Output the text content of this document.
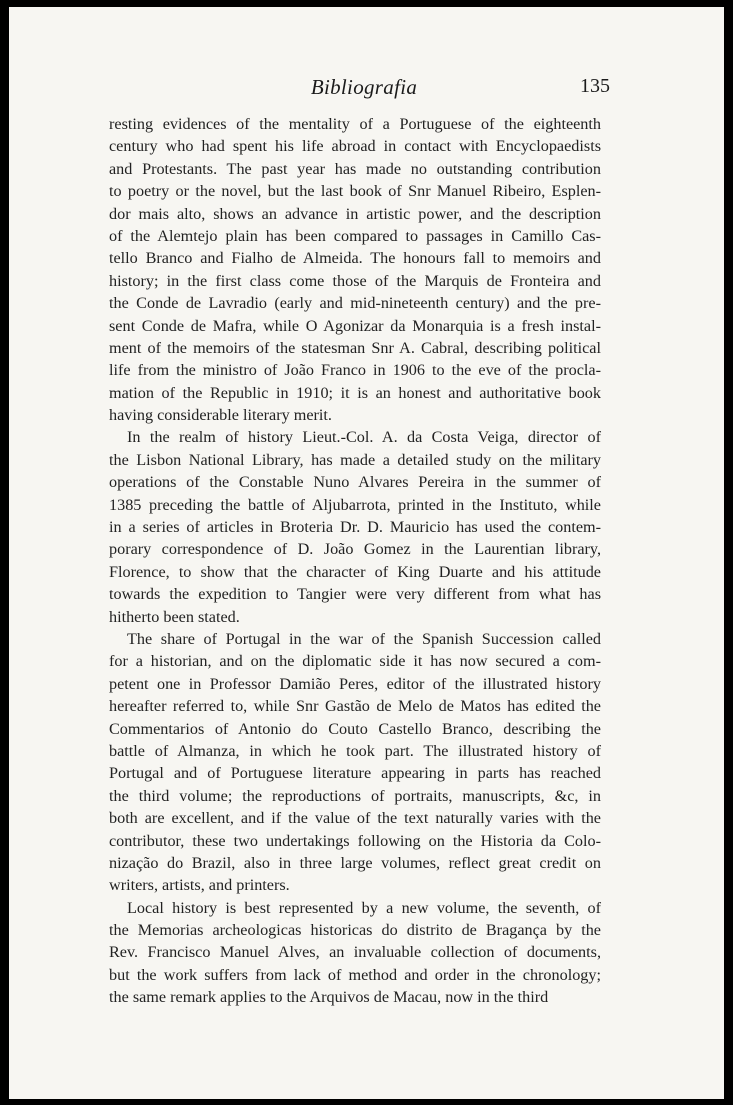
Bibliografia	135
resting evidences of the mentality of a Portuguese of the eighteenth
century who had spent his life abroad in contact with Encyclopaedists
and Protestants. The past year has made no outstanding contribution
to poetry or the novel, but the last book of Snr Manuel Ribeiro, Esplen-
dor mais alto, shows an advance in artistic power, and the description
of the Alemtejo plain has been compared to passages in Camillo Cas-
tello Branco and Fialho de Almeida. The honours fall to memoirs and
history; in the first class come those of the Marquis de Fronteira and
the Conde de Lavradio (early and mid-nineteenth century) and the pre-
sent Conde de Mafra, while O Agonizar da Monarquia is a fresh instal-
ment of the memoirs of the statesman Snr A. Cabral, describing political
life from the ministro of João Franco in 1906 to the eve of the procla-
mation of the Republic in 1910; it is an honest and authoritative book
having considerable literary merit.
In the realm of history Lieut.-Col. A. da Costa Veiga, director of
the Lisbon National Library, has made a detailed study on the military
operations of the Constable Nuno Alvares Pereira in the summer of
1385 preceding the battle of Aljubarrota, printed in the Instituto, while
in a series of articles in Broteria Dr. D. Mauricio has used the contem-
porary correspondence of D. João Gomez in the Laurentian library,
Florence, to show that the character of King Duarte and his attitude
towards the expedition to Tangier were very different from what has
hitherto been stated.
The share of Portugal in the war of the Spanish Succession called
for a historian, and on the diplomatic side it has now secured a com-
petent one in Professor Damião Peres, editor of the illustrated history
hereafter referred to, while Snr Gastão de Melo de Matos has edited the
Commentarios of Antonio do Couto Castello Branco, describing the
battle of Almanza, in which he took part. The illustrated history of
Portugal and of Portuguese literature appearing in parts has reached
the third volume; the reproductions of portraits, manuscripts, &c, in
both are excellent, and if the value of the text naturally varies with the
contributor, these two undertakings following on the Historia da Colo-
nização do Brazil, also in three large volumes, reflect great credit on
writers, artists, and printers.
Local history is best represented by a new volume, the seventh, of
the Memorias archeologicas historicas do distrito de Bragança by the
Rev. Francisco Manuel Alves, an invaluable collection of documents,
but the work suffers from lack of method and order in the chronology;
the same remark applies to the Arquivos de Macau, now in the third
